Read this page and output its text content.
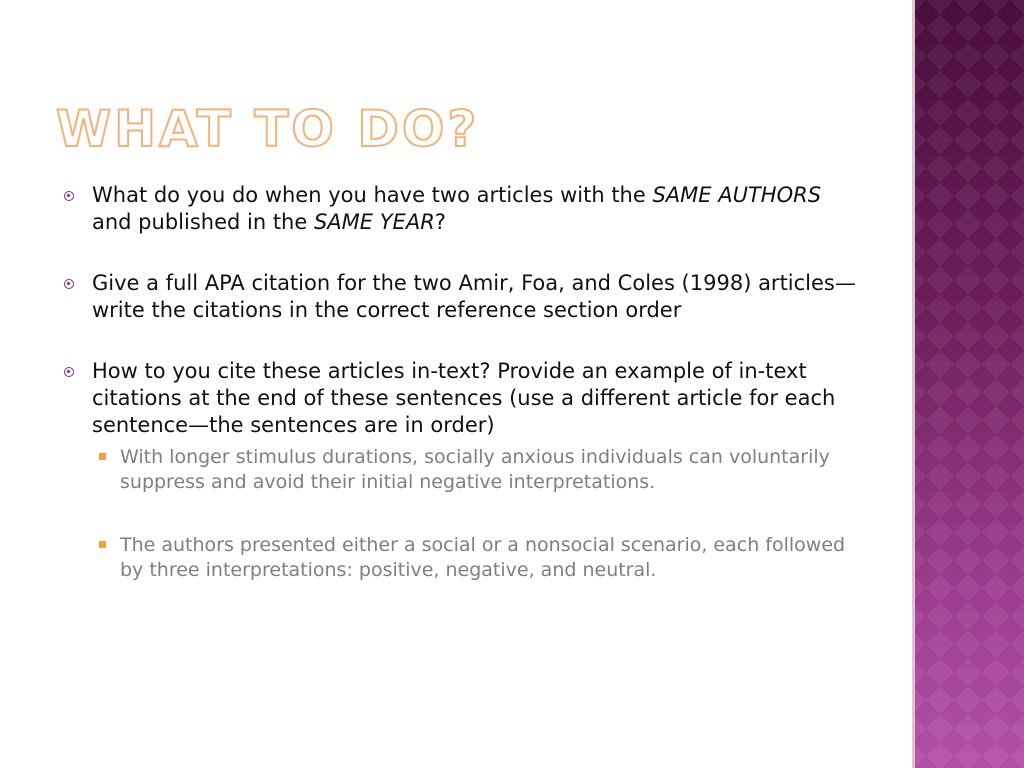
WHAT TO DO?
What do you do when you have two articles with the SAME AUTHORS and published in the SAME YEAR?
Give a full APA citation for the two Amir, Foa, and Coles (1998) articles—write the citations in the correct reference section order
How to you cite these articles in-text? Provide an example of in-text citations at the end of these sentences (use a different article for each sentence—the sentences are in order)
With longer stimulus durations, socially anxious individuals can voluntarily suppress and avoid their initial negative interpretations.
The authors presented either a social or a nonsocial scenario, each followed by three interpretations: positive, negative, and neutral.
